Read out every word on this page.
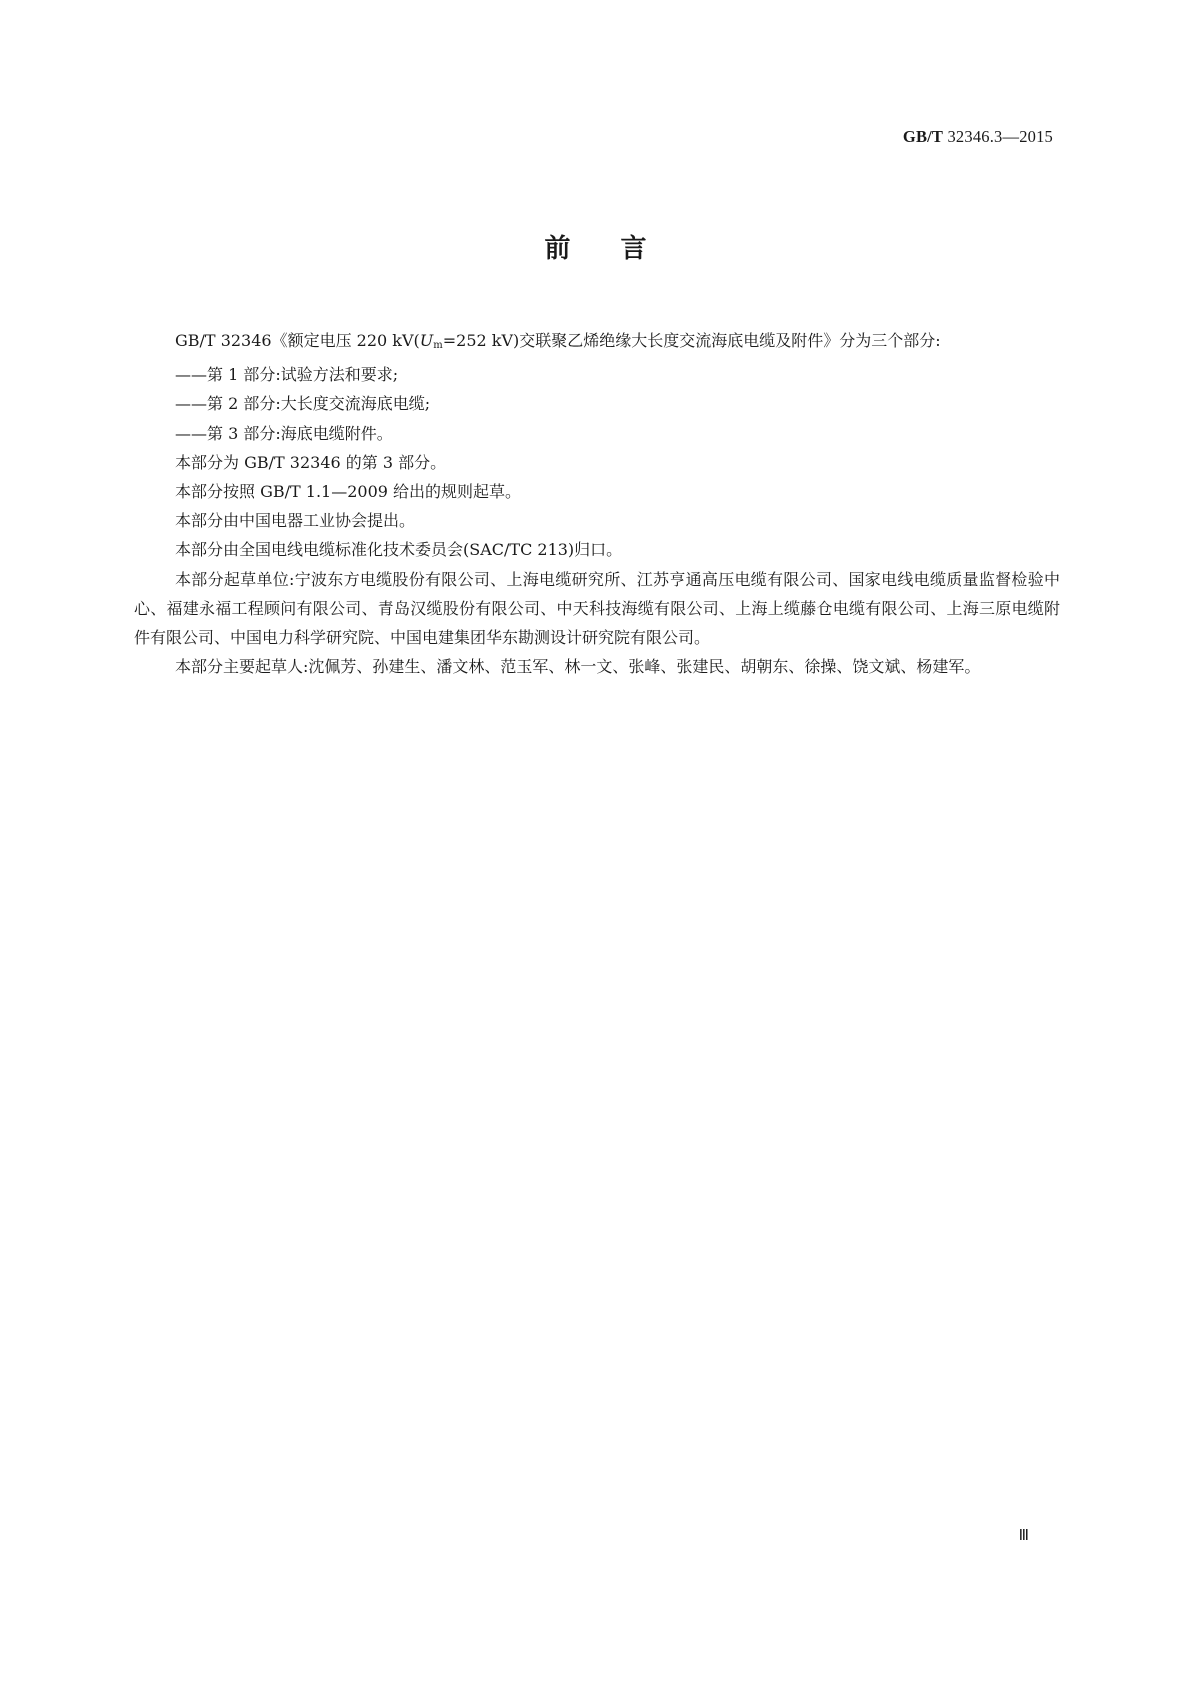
GB/T 32346.3—2015
前言

GB/T 32346《额定电压 220 $kV(U_m=252$ kV)交联聚乙烯绝缘大长度交流海底电缆及附件》分为三个部分:

——第 1 部分:试验方法和要求;

——第 2 部分:大长度交流海底电缆;

——第 3 部分:海底电缆附件。

本部分为 GB/T 32346 的第 3 部分。

本部分按照 GB/T 1.1—2009 给出的规则起草。

本部分由中国电器工业协会提出。

本部分由全国电线电缆标准化技术委员会(SAC/TC 213)归口。

本部分起草单位:宁波东方电缆股份有限公司、上海电缆研究所、江苏亨通高压电缆有限公司、国家电线电缆质量监督检验中心、福建永福工程顾问有限公司、青岛汉缆股份有限公司、中天科技海缆有限公司、上海上缆藤仓电缆有限公司、上海三原电缆附件有限公司、中国电力科学研究院、中国电建集团华东勘测设计研究院有限公司。

本部分主要起草人:沈佩芳、孙建生、潘文林、范玉军、林一文、张峰、张建民、胡朝东、徐操、饶文斌、杨建军。

Ⅲ
